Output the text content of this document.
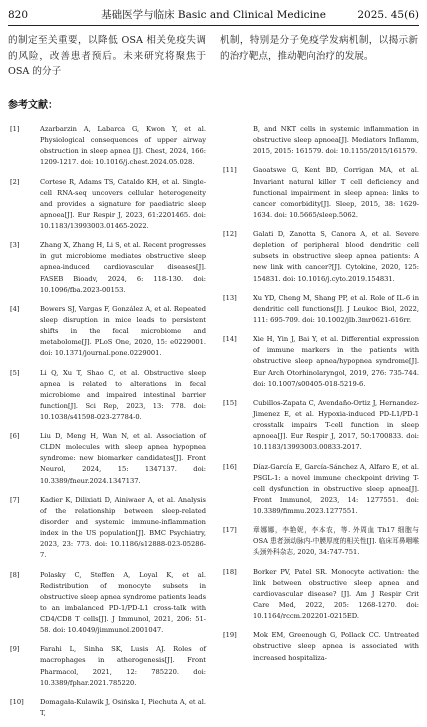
820	基础医学与临床 Basic and Clinical Medicine	2025. 45(6)
的制定至关重要，以降低 OSA 相关免疫失调的风险，改善患者预后。未来研究将聚焦于 OSA 的分子
机制，特别是分子免疫学发病机制，以揭示新的治疗靶点，推动靶向治疗的发展。
参考文献：
[1]	Azarbarzin A, Labarca G, Kwon Y, et al. Physiological consequences of upper airway obstruction in sleep apnea [J]. Chest, 2024, 166: 1209-1217. doi: 10.1016/j.chest.2024.05.028.
[2]	Cortese R, Adams TS, Cataldo KH, et al. Single-cell RNA-seq uncovers cellular heterogeneity and provides a signature for paediatric sleep apnoea[J]. Eur Respir J, 2023, 61:2201465. doi: 10.1183/13993003.01465-2022.
[3]	Zhang X, Zhang H, Li S, et al. Recent progresses in gut microbiome mediates obstructive sleep apnea-induced cardiovascular diseases[J]. FASEB Bioadv, 2024, 6: 118-130. doi: 10.1096/fba.2023-00153.
[4]	Bowers SJ, Vargas F, González A, et al. Repeated sleep disruption in mice leads to persistent shifts in the fecal microbiome and metabolome[J]. PLoS One, 2020, 15: e0229001. doi: 10.1371/journal.pone.0229001.
[5]	Li Q, Xu T, Shao C, et al. Obstructive sleep apnea is related to alterations in fecal microbiome and impaired intestinal barrier function[J]. Sci Rep, 2023, 13: 778. doi: 10.1038/s41598-023-27784-0.
[6]	Liu D, Meng H, Wan N, et al. Association of CLDN molecules with sleep apnea hypopnea syndrome: new biomarker candidates[J]. Front Neurol, 2024, 15: 1347137. doi: 10.3389/fneur.2024.1347137.
[7]	Kadier K, Dilixiati D, Ainiwaer A, et al. Analysis of the relationship between sleep-related disorder and systemic immune-inflammation index in the US population[J]. BMC Psychiatry, 2023, 23: 773. doi: 10.1186/s12888-023-05286-7.
[8]	Polasky C, Steffen A, Loyal K, et al. Redistribution of monocyte subsets in obstructive sleep apnea syndrome patients leads to an imbalanced PD-1/PD-L1 cross-talk with CD4/CD8 T cells[J]. J Immunol, 2021, 206: 51-58. doi: 10.4049/jimmunol.2001047.
[9]	Farahi L, Sinha SK, Lusis AJ. Roles of macrophages in atherogenesis[J]. Front Pharmacol, 2021, 12: 785220. doi: 10.3389/fphar.2021.785220.
[10] Domagała-Kulawik J, Osińska I, Piechuta A, et al. T,
B, and NKT cells in systemic inflammation in obstructive sleep apnoea[J]. Mediators Inflamm, 2015, 2015: 161579. doi: 10.1155/2015/161579.
[11] Gaoatswe G, Kent BD, Corrigan MA, et al. Invariant natural killer T cell deficiency and functional impairment in sleep apnea: links to cancer comorbidity[J]. Sleep, 2015, 38: 1629-1634. doi: 10.5665/sleep.5062.
[12] Galati D, Zanotta S, Canora A, et al. Severe depletion of peripheral blood dendritic cell subsets in obstructive sleep apnea patients: A new link with cancer?[J]. Cytokine, 2020, 125: 154831. doi: 10.1016/j.cyto.2019.154831.
[13] Xu YD, Cheng M, Shang PP, et al. Role of IL-6 in dendritic cell functions[J]. J Leukoc Biol, 2022, 111: 695-709. doi: 10.1002/jlb.3mr0621-616rr.
[14] Xie H, Yin J, Bai Y, et al. Differential expression of immune markers in the patients with obstructive sleep apnea/hypopnea syndrome[J]. Eur Arch Otorhinolaryngol, 2019, 276: 735-744. doi: 10.1007/s00405-018-5219-6.
[15] Cubillos-Zapata C, Avendaño-Ortiz J, Hernandez-Jimenez E, et al. Hypoxia-induced PD-L1/PD-1 crosstalk impairs T-cell function in sleep apnoea[J]. Eur Respir J, 2017, 50:1700833. doi: 10.1183/13993003.00833-2017.
[16] Díaz-García E, García-Sánchez A, Alfaro E, et al. PSGL-1: a novel immune checkpoint driving T-cell dysfunction in obstructive sleep apnea[J]. Front Immunol, 2023, 14: 1277551. doi: 10.3389/fimmu.2023.1277551.
[17] 章娜娜，李艳妮，李本农，等. 外周血 Th17 细胞与 OSA 患者颈动脉内-中膜厚度的相关性[J]. 临床耳鼻咽喉头颈外科杂志, 2020, 34:747-751.
[18] Borker PV, Patel SR. Monocyte activation: the link between obstructive sleep apnea and cardiovascular disease? [J]. Am J Respir Crit Care Med, 2022, 205: 1268-1270. doi: 10.1164/rccm.202201-0215ED.
[19] Mok EM, Greenough G, Pollack CC. Untreated obstructive sleep apnea is associated with increased hospitaliza-
